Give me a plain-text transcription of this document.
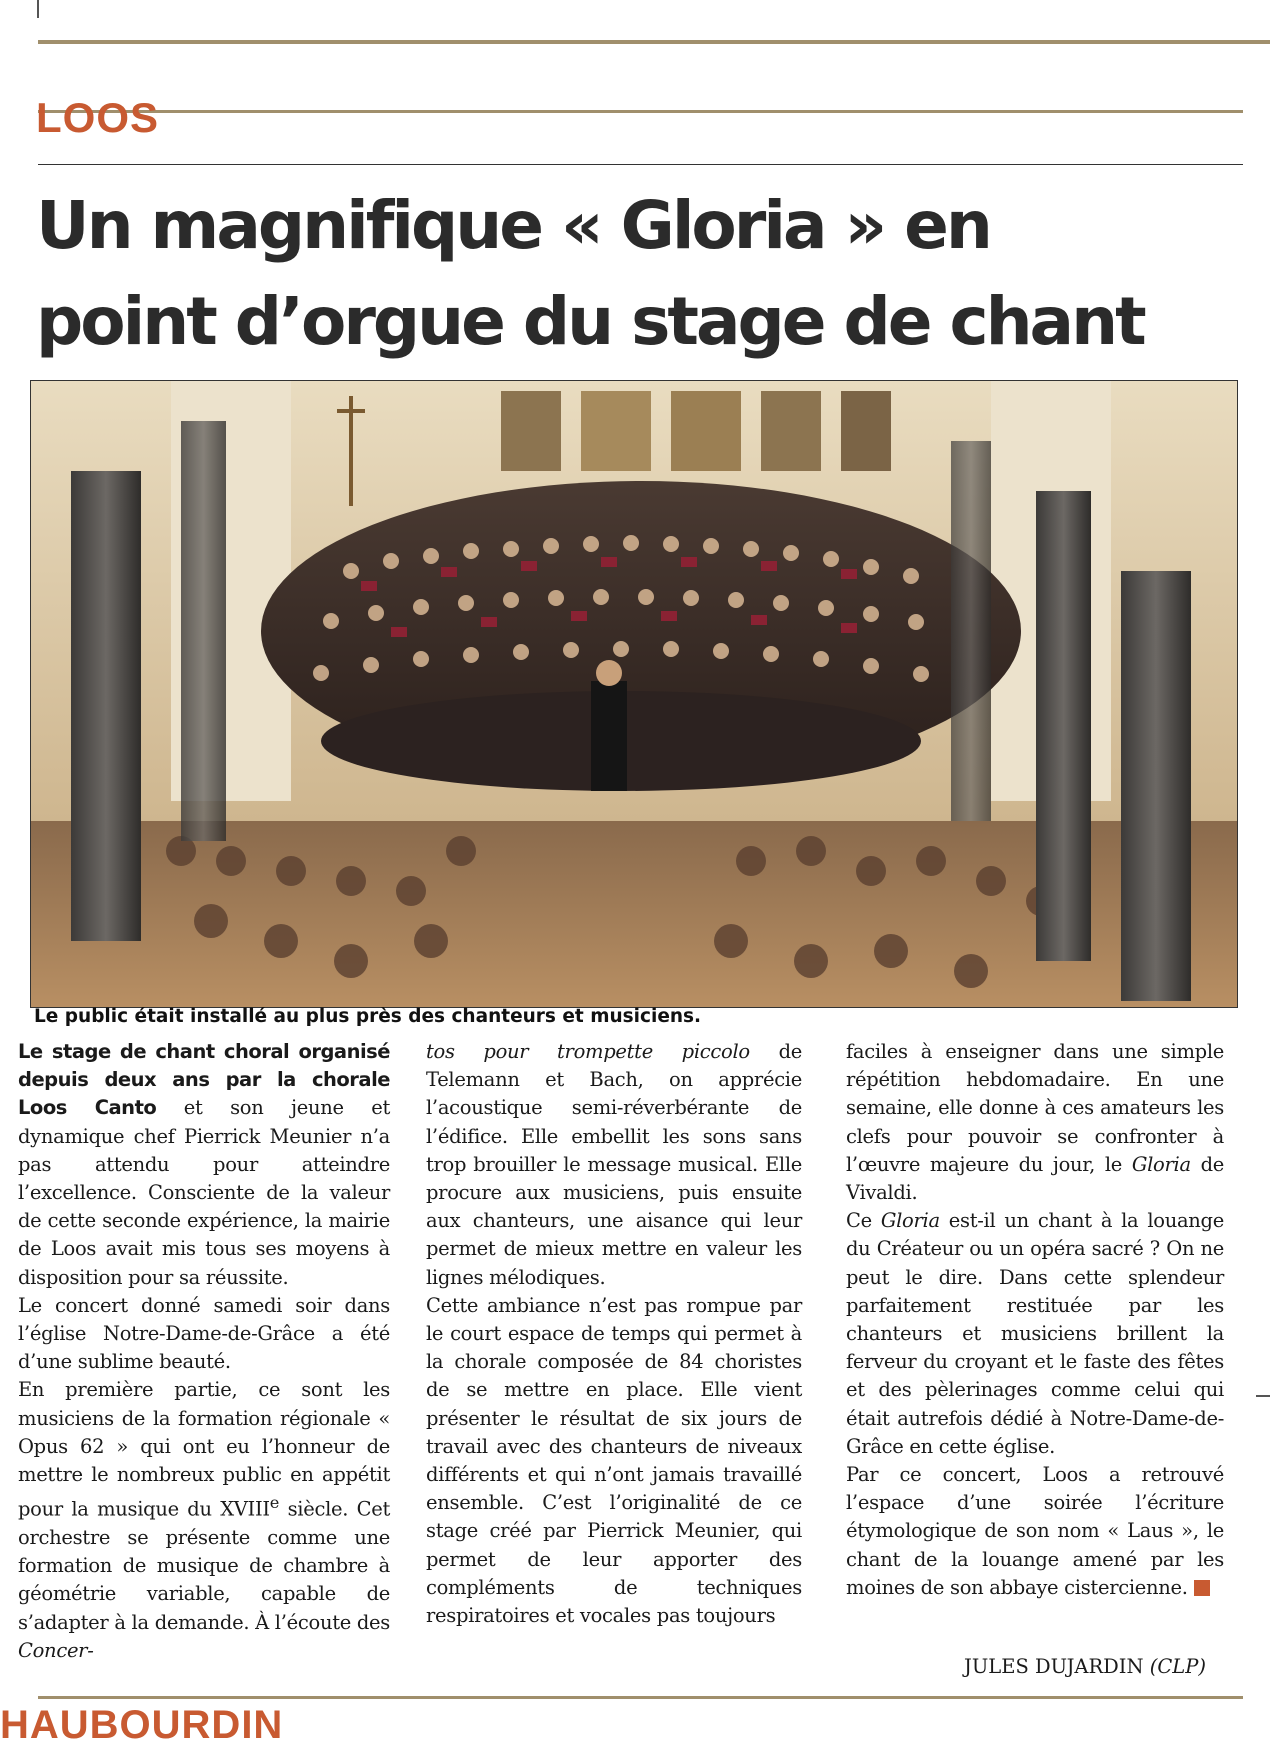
LOOS
Un magnifique « Gloria » en point d’orgue du stage de chant
Le public était installé au plus près des chanteurs et musiciens.

Le stage de chant choral organisé depuis deux ans par la chorale Loos Canto et son jeune et dynamique chef Pierrick Meunier n’a pas attendu pour atteindre l’excellence. Consciente de la valeur de cette seconde expérience, la mairie de Loos avait mis tous ses moyens à disposition pour sa réussite.

Le concert donné samedi soir dans l’église Notre-Dame-de-Grâce a été d’une sublime beauté.

En première partie, ce sont les musiciens de la formation régionale « Opus 62 » qui ont eu l’honneur de mettre le nombreux public en appétit pour la musique du XVIIIe siècle. Cet orchestre se présente comme une formation de musique de chambre à géométrie variable, capable de s’adapter à la demande. À l’écoute des Concer-

tos pour trompette piccolo de Telemann et Bach, on apprécie l’acoustique semi-réverbérante de l’édifice. Elle embellit les sons sans trop brouiller le message musical. Elle procure aux musiciens, puis ensuite aux chanteurs, une aisance qui leur permet de mieux mettre en valeur les lignes mélodiques.

Cette ambiance n’est pas rompue par le court espace de temps qui permet à la chorale composée de 84 choristes de se mettre en place. Elle vient présenter le résultat de six jours de travail avec des chanteurs de niveaux différents et qui n’ont jamais travaillé ensemble. C’est l’originalité de ce stage créé par Pierrick Meunier, qui permet de leur apporter des compléments de techniques respiratoires et vocales pas toujours

faciles à enseigner dans une simple répétition hebdomadaire. En une semaine, elle donne à ces amateurs les clefs pour pouvoir se confronter à l’œuvre majeure du jour, le Gloria de Vivaldi.

Ce Gloria est-il un chant à la louange du Créateur ou un opéra sacré ? On ne peut le dire. Dans cette splendeur parfaitement restituée par les chanteurs et musiciens brillent la ferveur du croyant et le faste des fêtes et des pèlerinages comme celui qui était autrefois dédié à Notre-Dame-de-Grâce en cette église.

Par ce concert, Loos a retrouvé l’espace d’une soirée l’écriture étymologique de son nom « Laus », le chant de la louange amené par les moines de son abbaye cistercienne.

JULES DUJARDIN (CLP)
HAUBOURDIN
